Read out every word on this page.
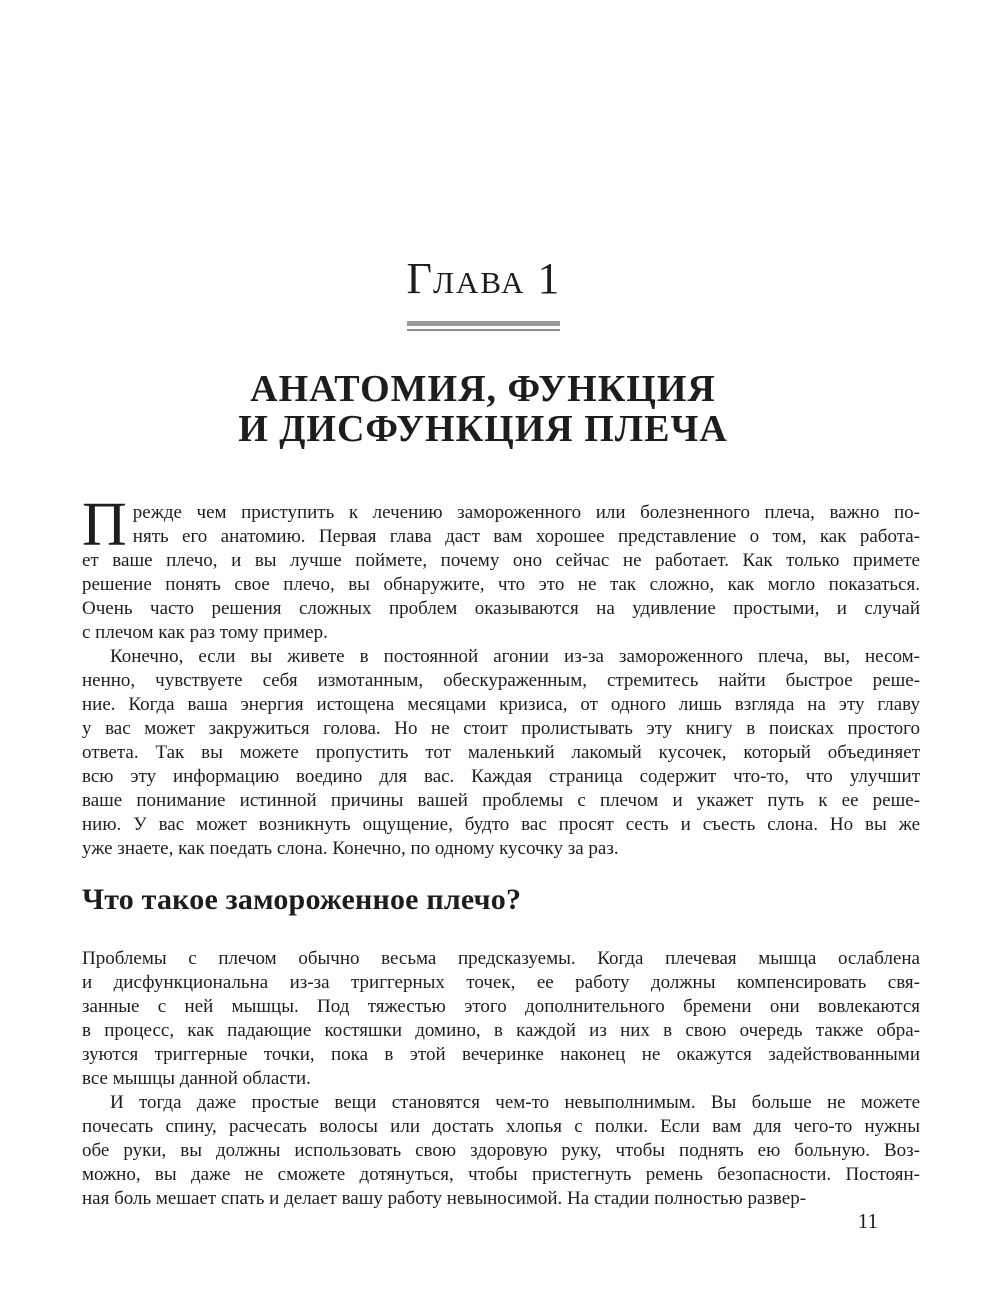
ГЛАВА 1
АНАТОМИЯ, ФУНКЦИЯ
И ДИСФУНКЦИЯ ПЛЕЧА
П режде чем приступить к лечению замороженного или болезненного плеча, важно по-
нять его анатомию. Первая глава даст вам хорошее представление о том, как работа-
ет ваше плечо, и вы лучше поймете, почему оно сейчас не работает. Как только примете
решение понять свое плечо, вы обнаружите, что это не так сложно, как могло показаться.
Очень часто решения сложных проблем оказываются на удивление простыми, и случай
с плечом как раз тому пример.
Конечно, если вы живете в постоянной агонии из-за замороженного плеча, вы, несом-
ненно, чувствуете себя измотанным, обескураженным, стремитесь найти быстрое реше-
ние. Когда ваша энергия истощена месяцами кризиса, от одного лишь взгляда на эту главу
у вас может закружиться голова. Но не стоит пролистывать эту книгу в поисках простого
ответа. Так вы можете пропустить тот маленький лакомый кусочек, который объединяет
всю эту информацию воедино для вас. Каждая страница содержит что-то, что улучшит
ваше понимание истинной причины вашей проблемы с плечом и укажет путь к ее реше-
нию. У вас может возникнуть ощущение, будто вас просят сесть и съесть слона. Но вы же
уже знаете, как поедать слона. Конечно, по одному кусочку за раз.
Что такое замороженное плечо?
Проблемы с плечом обычно весьма предсказуемы. Когда плечевая мышца ослаблена
и дисфункциональна из-за триггерных точек, ее работу должны компенсировать свя-
занные с ней мышцы. Под тяжестью этого дополнительного бремени они вовлекаются
в процесс, как падающие костяшки домино, в каждой из них в свою очередь также обра-
зуются триггерные точки, пока в этой вечеринке наконец не окажутся задействованными
все мышцы данной области.
И тогда даже простые вещи становятся чем-то невыполнимым. Вы больше не можете
почесать спину, расчесать волосы или достать хлопья с полки. Если вам для чего-то нужны
обе руки, вы должны использовать свою здоровую руку, чтобы поднять ею больную. Воз-
можно, вы даже не сможете дотянуться, чтобы пристегнуть ремень безопасности. Постоян-
ная боль мешает спать и делает вашу работу невыносимой. На стадии полностью развер-
11
